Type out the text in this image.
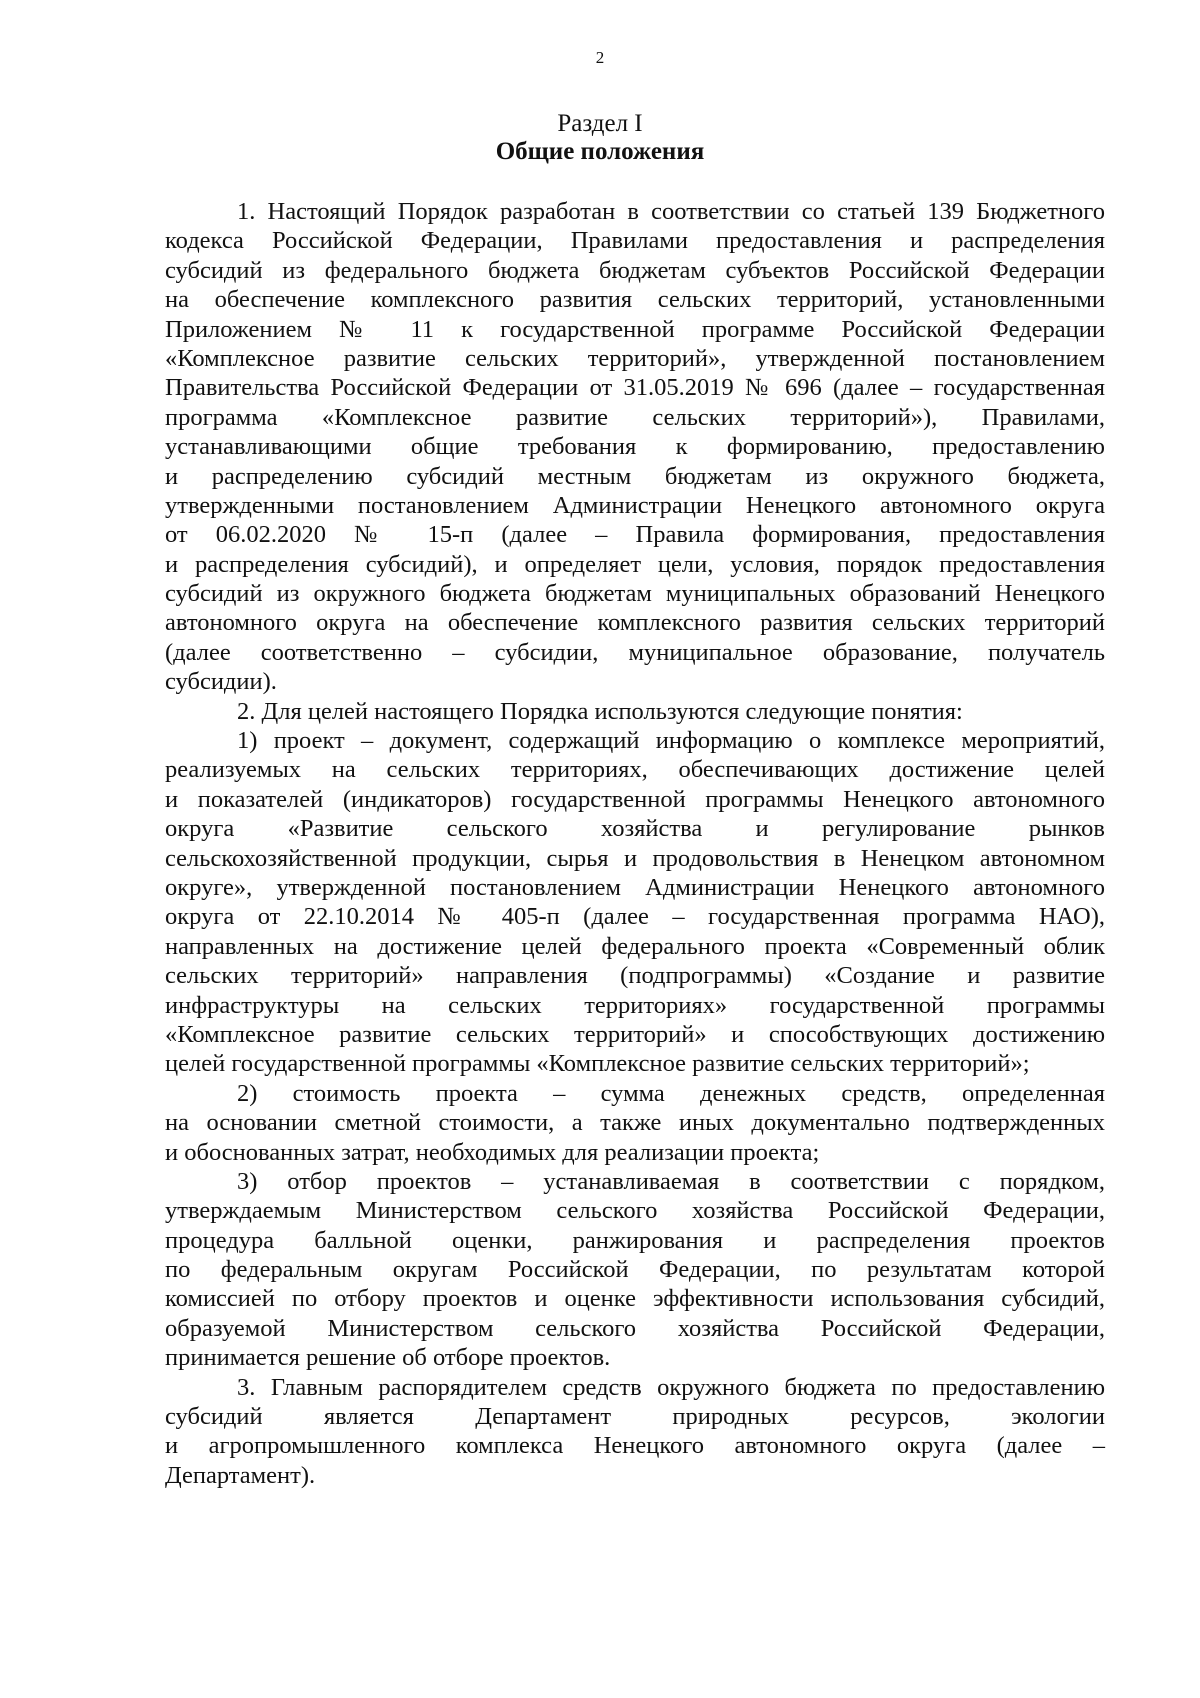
2
Раздел I
Общие положения
1. Настоящий Порядок разработан в соответствии со статьей 139 Бюджетного
кодекса Российской Федерации, Правилами предоставления и распределения
субсидий из федерального бюджета бюджетам субъектов Российской Федерации
на обеспечение комплексного развития сельских территорий, установленными
Приложением № 11 к государственной программе Российской Федерации
«Комплексное развитие сельских территорий», утвержденной постановлением
Правительства Российской Федерации от 31.05.2019 № 696 (далее – государственная
программа «Комплексное развитие сельских территорий»), Правилами,
устанавливающими общие требования к формированию, предоставлению
и распределению субсидий местным бюджетам из окружного бюджета,
утвержденными постановлением Администрации Ненецкого автономного округа
от 06.02.2020 № 15-п (далее – Правила формирования, предоставления
и распределения субсидий), и определяет цели, условия, порядок предоставления
субсидий из окружного бюджета бюджетам муниципальных образований Ненецкого
автономного округа на обеспечение комплексного развития сельских территорий
(далее соответственно – субсидии, муниципальное образование, получатель
субсидии).
2. Для целей настоящего Порядка используются следующие понятия:
1) проект – документ, содержащий информацию о комплексе мероприятий,
реализуемых на сельских территориях, обеспечивающих достижение целей
и показателей (индикаторов) государственной программы Ненецкого автономного
округа «Развитие сельского хозяйства и регулирование рынков
сельскохозяйственной продукции, сырья и продовольствия в Ненецком автономном
округе», утвержденной постановлением Администрации Ненецкого автономного
округа от 22.10.2014 № 405-п (далее – государственная программа НАО),
направленных на достижение целей федерального проекта «Современный облик
сельских территорий» направления (подпрограммы) «Создание и развитие
инфраструктуры на сельских территориях» государственной программы
«Комплексное развитие сельских территорий» и способствующих достижению
целей государственной программы «Комплексное развитие сельских территорий»;
2) стоимость проекта – сумма денежных средств, определенная
на основании сметной стоимости, а также иных документально подтвержденных
и обоснованных затрат, необходимых для реализации проекта;
3) отбор проектов – устанавливаемая в соответствии с порядком,
утверждаемым Министерством сельского хозяйства Российской Федерации,
процедура балльной оценки, ранжирования и распределения проектов
по федеральным округам Российской Федерации, по результатам которой
комиссией по отбору проектов и оценке эффективности использования субсидий,
образуемой Министерством сельского хозяйства Российской Федерации,
принимается решение об отборе проектов.
3. Главным распорядителем средств окружного бюджета по предоставлению
субсидий является Департамент природных ресурсов, экологии
и агропромышленного комплекса Ненецкого автономного округа (далее –
Департамент).
